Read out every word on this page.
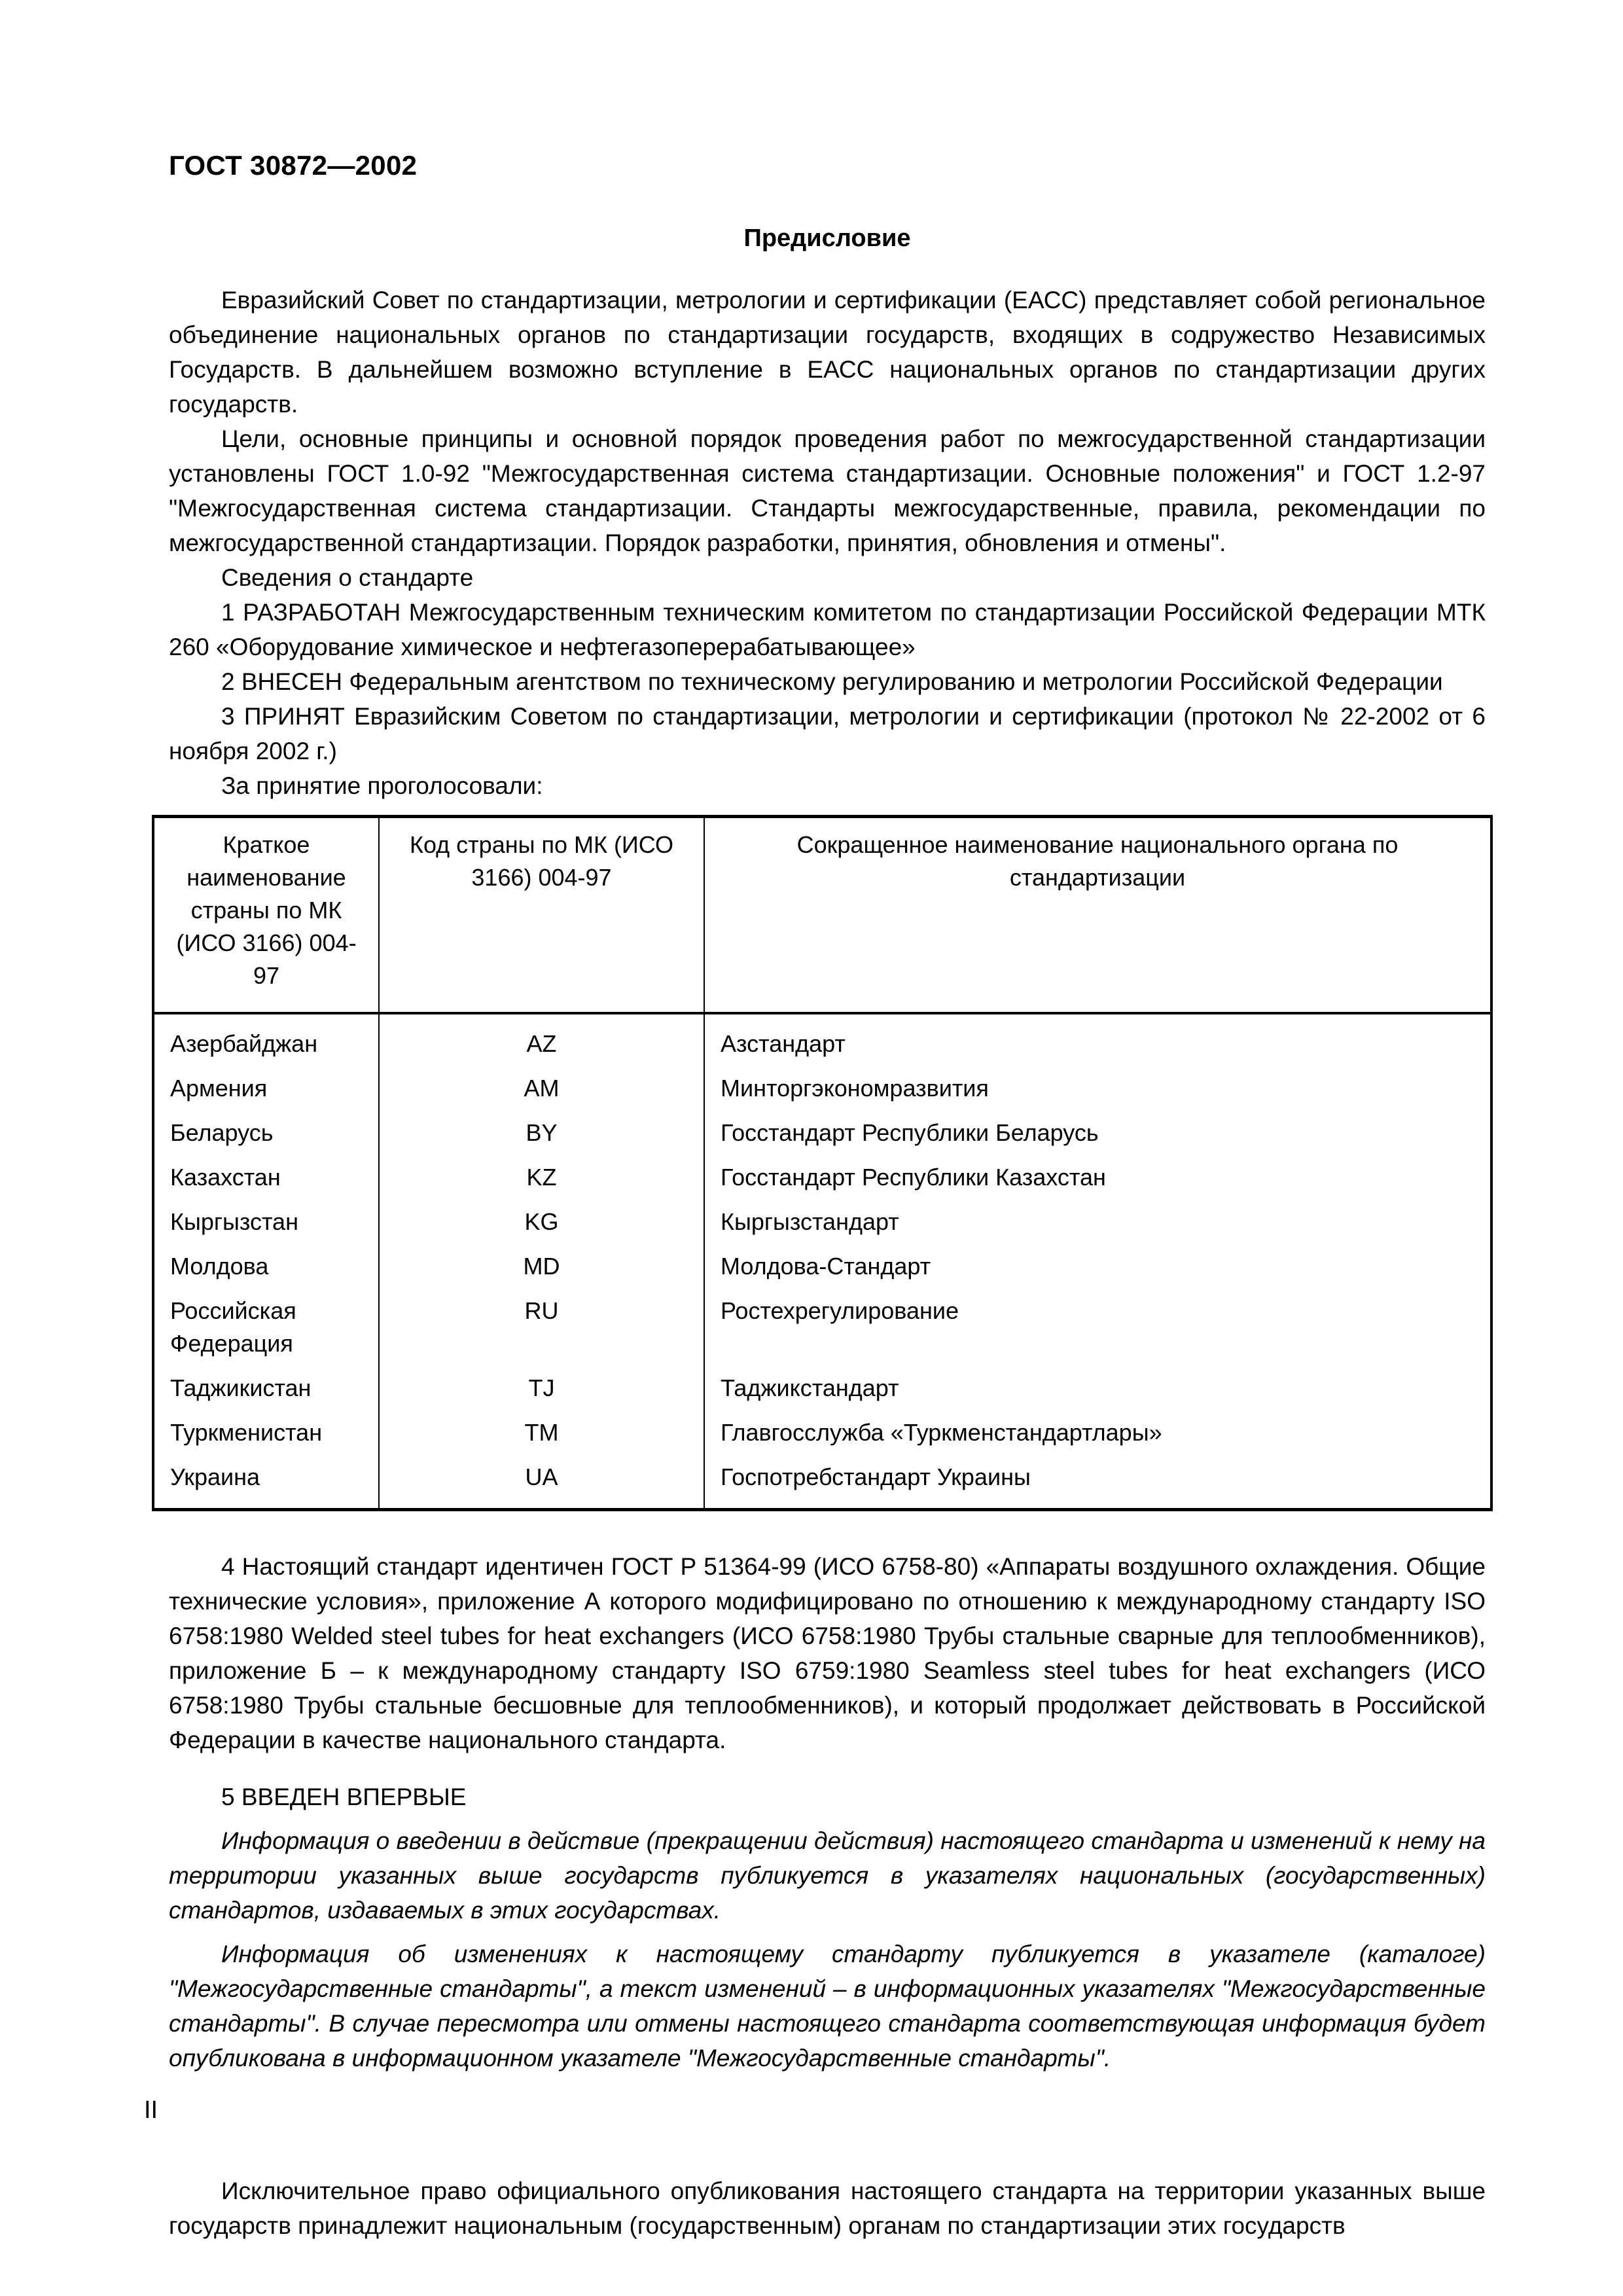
ГОСТ 30872—2002
Предисловие

Евразийский Совет по стандартизации, метрологии и сертификации (ЕАСС) представляет собой региональное объединение национальных органов по стандартизации государств, входящих в содружество Независимых Государств. В дальнейшем возможно вступление в ЕАСС национальных органов по стандартизации других государств.

Цели, основные принципы и основной порядок проведения работ по межгосударственной стандартизации установлены ГОСТ 1.0-92 "Межгосударственная система стандартизации. Основные положения" и ГОСТ 1.2-97 "Межгосударственная система стандартизации. Стандарты межгосударственные, правила, рекомендации по межгосударственной стандартизации. Порядок разработки, принятия, обновления и отмены".

Сведения о стандарте

1 РАЗРАБОТАН Межгосударственным техническим комитетом по стандартизации Российской Федерации МТК 260 «Оборудование химическое и нефтегазоперерабатывающее»

2 ВНЕСЕН Федеральным агентством по техническому регулированию и метрологии Российской Федерации

3 ПРИНЯТ Евразийским Советом по стандартизации, метрологии и сертификации (протокол № 22-2002 от 6 ноября 2002 г.)

За принятие проголосовали:

Краткое наименование страны по МК (ИСО 3166) 004-97	Код страны по МК (ИСО 3166) 004-97	Сокращенное наименование национального органа по стандартизации
Азербайджан	AZ	Азстандарт
Армения	AM	Минторгэкономразвития
Беларусь	BY	Госстандарт Республики Беларусь
Казахстан	KZ	Госстандарт Республики Казахстан
Кыргызстан	KG	Кыргызстандарт
Молдова	MD	Молдова-Стандарт
Российская Федерация	RU	Ростехрегулирование
Таджикистан	TJ	Таджикстандарт
Туркменистан	TM	Главгосслужба «Туркменстандартлары»
Украина	UA	Госпотребстандарт Украины

4 Настоящий стандарт идентичен ГОСТ Р 51364-99 (ИСО 6758-80) «Аппараты воздушного охлаждения. Общие технические условия», приложение А которого модифицировано по отношению к международному стандарту ISO 6758:1980 Welded steel tubes for heat exchangers (ИСО 6758:1980 Трубы стальные сварные для теплообменников), приложение Б – к международному стандарту ISO 6759:1980 Seamless steel tubes for heat exchangers (ИСО 6758:1980 Трубы стальные бесшовные для теплообменников), и который продолжает действовать в Российской Федерации в качестве национального стандарта.

5 ВВЕДЕН ВПЕРВЫЕ

Информация о введении в действие (прекращении действия) настоящего стандарта и изменений к нему на территории указанных выше государств публикуется в указателях национальных (государственных) стандартов, издаваемых в этих государствах.

Информация об изменениях к настоящему стандарту публикуется в указателе (каталоге) "Межгосударственные стандарты", а текст изменений – в информационных указателях "Межгосударственные стандарты". В случае пересмотра или отмены настоящего стандарта соответствующая информация будет опубликована в информационном указателе "Межгосударственные стандарты".

Исключительное право официального опубликования настоящего стандарта на территории указанных выше государств принадлежит национальным (государственным) органам по стандартизации этих государств

II
